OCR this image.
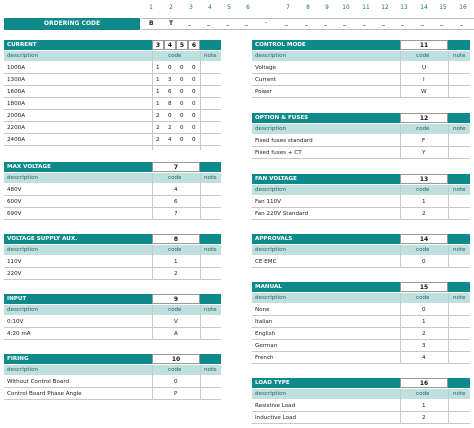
1	2	3	4	5	6	7	8	9	10	11	12	13	14	15	16
ORDERING CODE	B	T _	_	_	_	-	_	_	_	_	_	_	_	_	_	_
CURRENT	3	4	5	6
description	code	note
1000A	1 0 0 0
1300A	1 3 0 0
1600A	1 6 0 0
1800A	1 8 0 0
2000A	2 0 0 0
2200A	2 2 0 0
2400A	2 4 0 0
MAX VOLTAGE	7
description	code	note
480V	4
600V	6
690V	7
VOLTAGE SUPPLY AUX.	8
description	code	note
110V	1
220V	2
INPUT	9
description	code	note
0:10V	V
4:20 mA	A
FIRING	10
description	code	note
Without Control Board	0
Control Board Phase Angle	P
CONTROL MODE	11
description	code	note
Voltage	U
Current	I
Power	W
OPTION & FUSES	12
description	code	note
Fixed fuses standard	F
Fixed fuses + CT	Y
FAN VOLTAGE	13
description	code	note
Fan 110V	1
Fan 220V Standard	2
APPROVALS	14
description	code	note
CE EMC	0
MANUAL	15
description	code	note
None	0
Italian	1
English	2
German	3
French	4
LOAD TYPE	16
description	code	note
Resistive Load	1
Inductive Load	2
